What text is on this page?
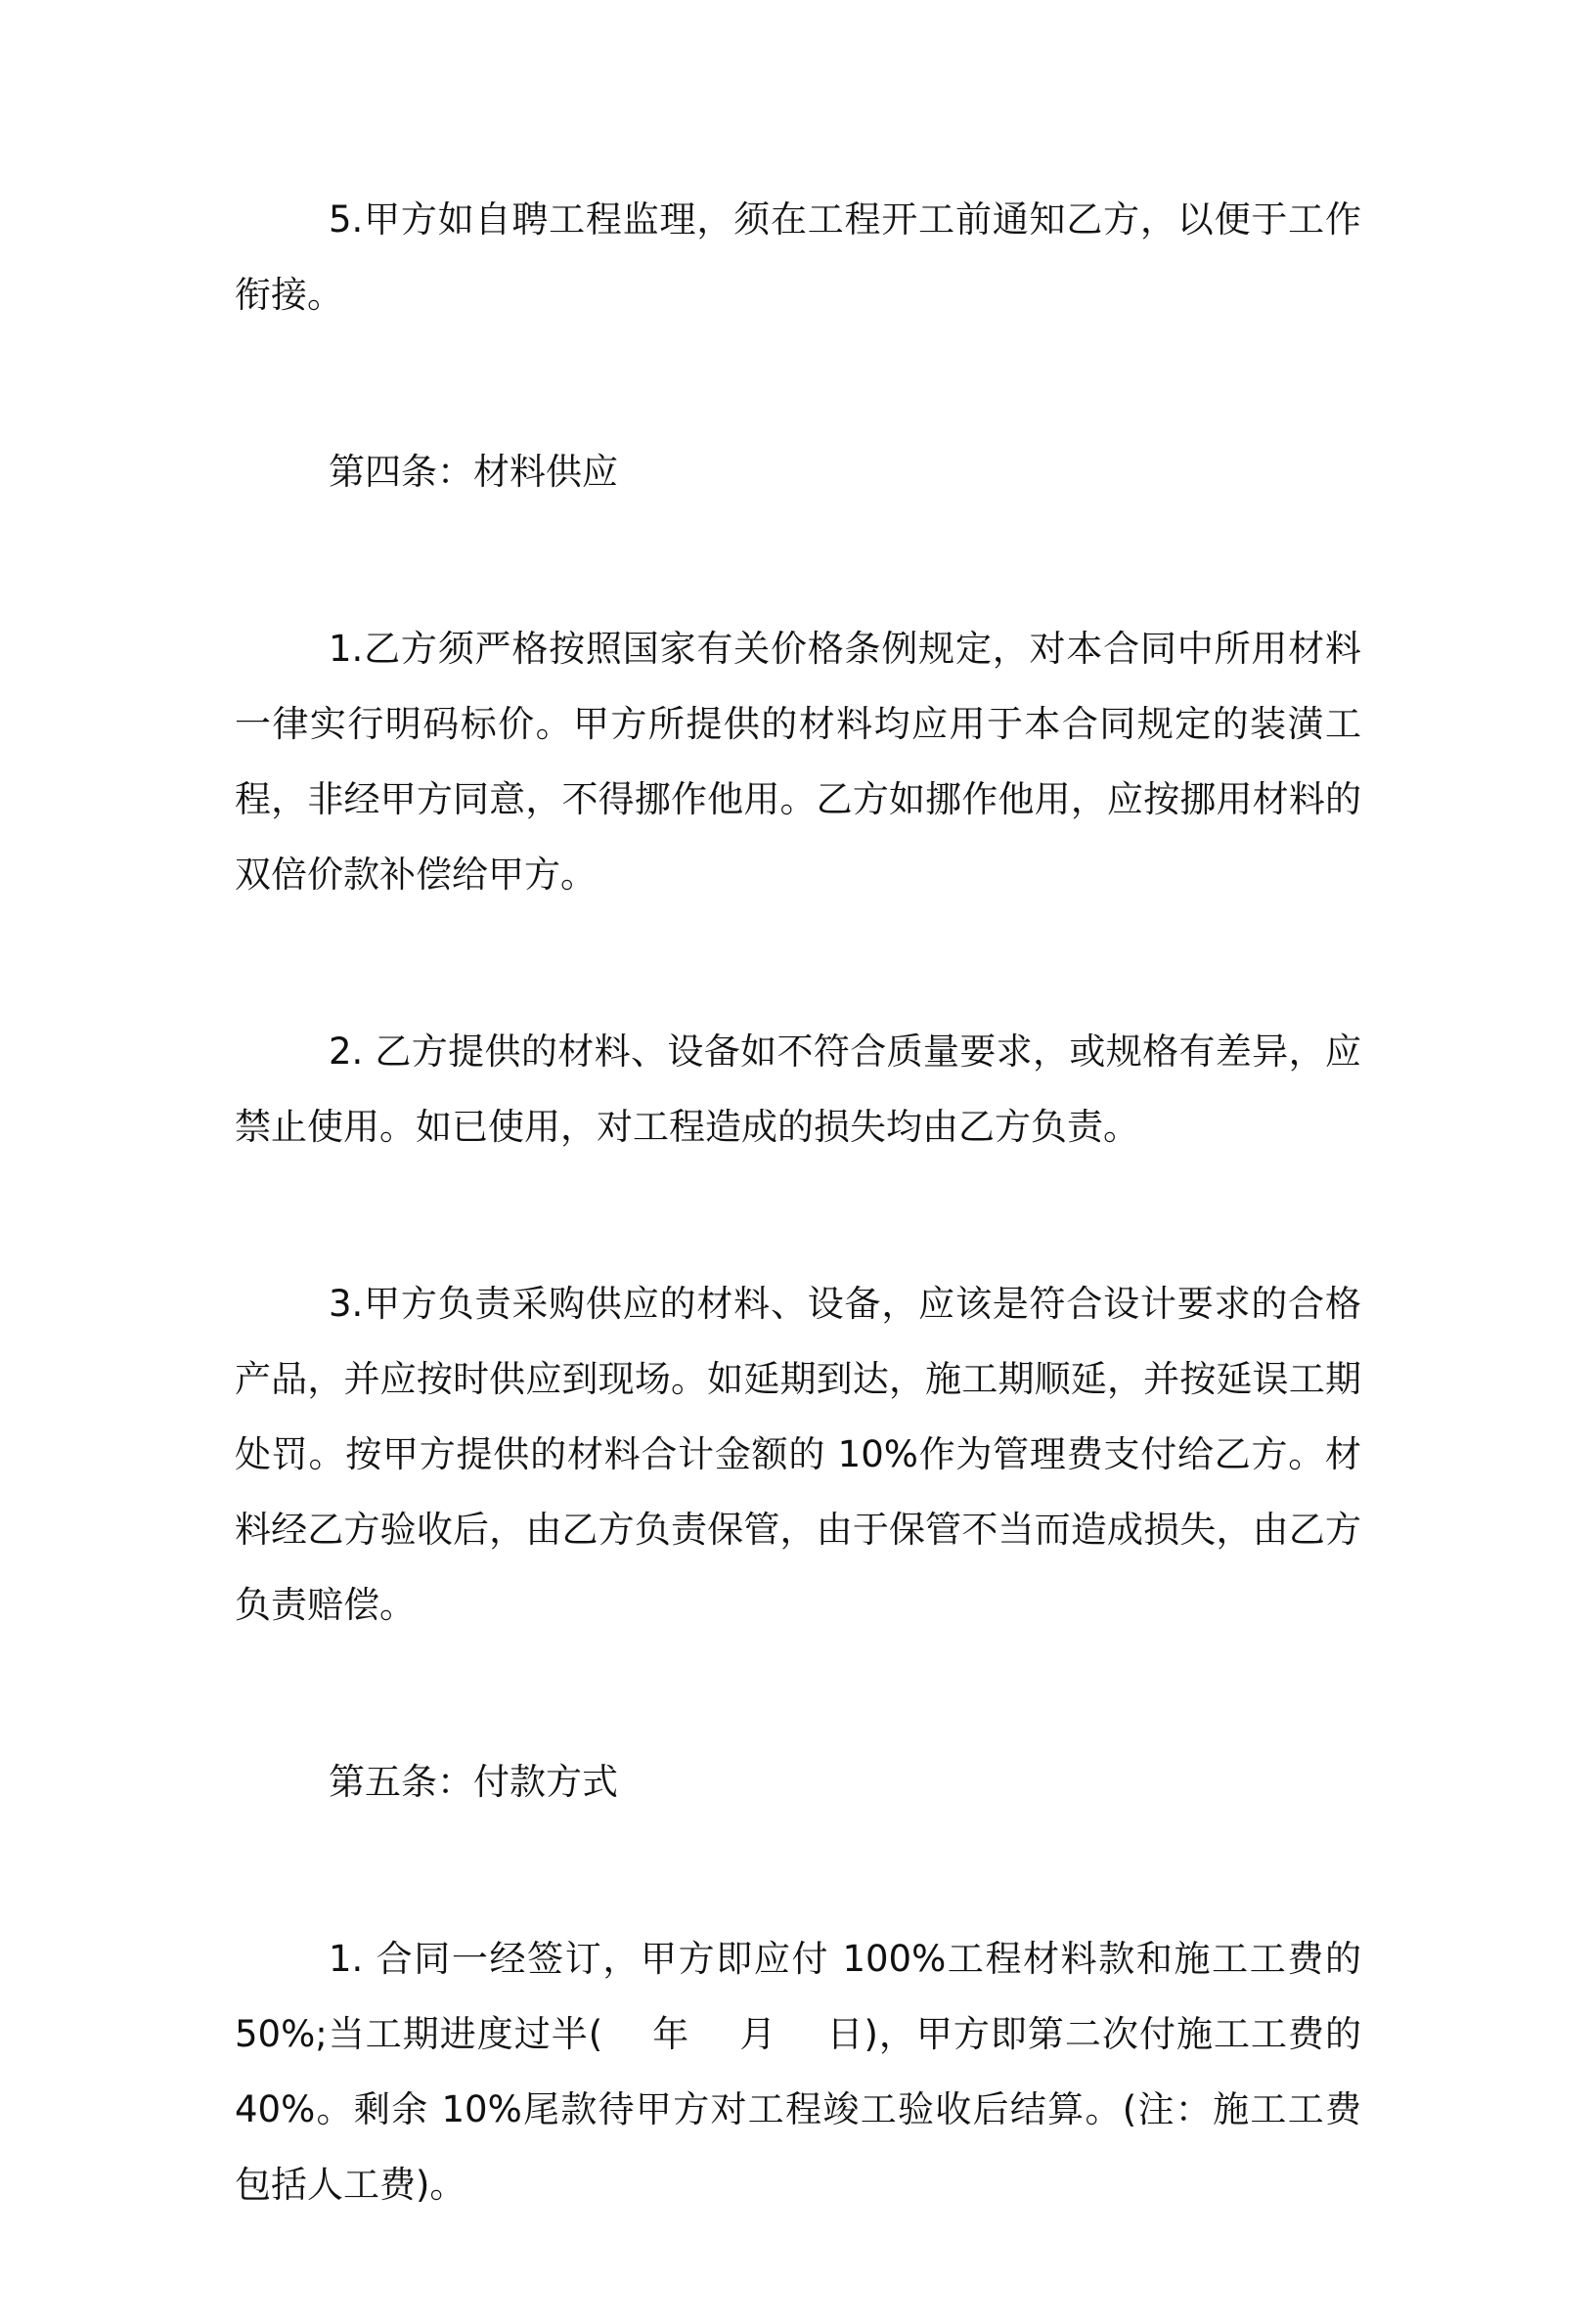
5.甲方如自聘工程监理，须在工程开工前通知乙方，以便于工作衔接。

第四条：材料供应

1.乙方须严格按照国家有关价格条例规定，对本合同中所用材料一律实行明码标价。甲方所提供的材料均应用于本合同规定的装潢工程，非经甲方同意，不得挪作他用。乙方如挪作他用，应按挪用材料的双倍价款补偿给甲方。

2. 乙方提供的材料、设备如不符合质量要求，或规格有差异，应禁止使用。如已使用，对工程造成的损失均由乙方负责。

3.甲方负责采购供应的材料、设备，应该是符合设计要求的合格产品，并应按时供应到现场。如延期到达，施工期顺延，并按延误工期处罚。按甲方提供的材料合计金额的 10%作为管理费支付给乙方。材料经乙方验收后，由乙方负责保管，由于保管不当而造成损失，由乙方负责赔偿。

第五条：付款方式

1. 合同一经签订，甲方即应付 100%工程材料款和施工工费的50%;当工期进度过半(    年    月    日)，甲方即第二次付施工工费的40%。剩余 10%尾款待甲方对工程竣工验收后结算。(注：施工工费包括人工费)。
